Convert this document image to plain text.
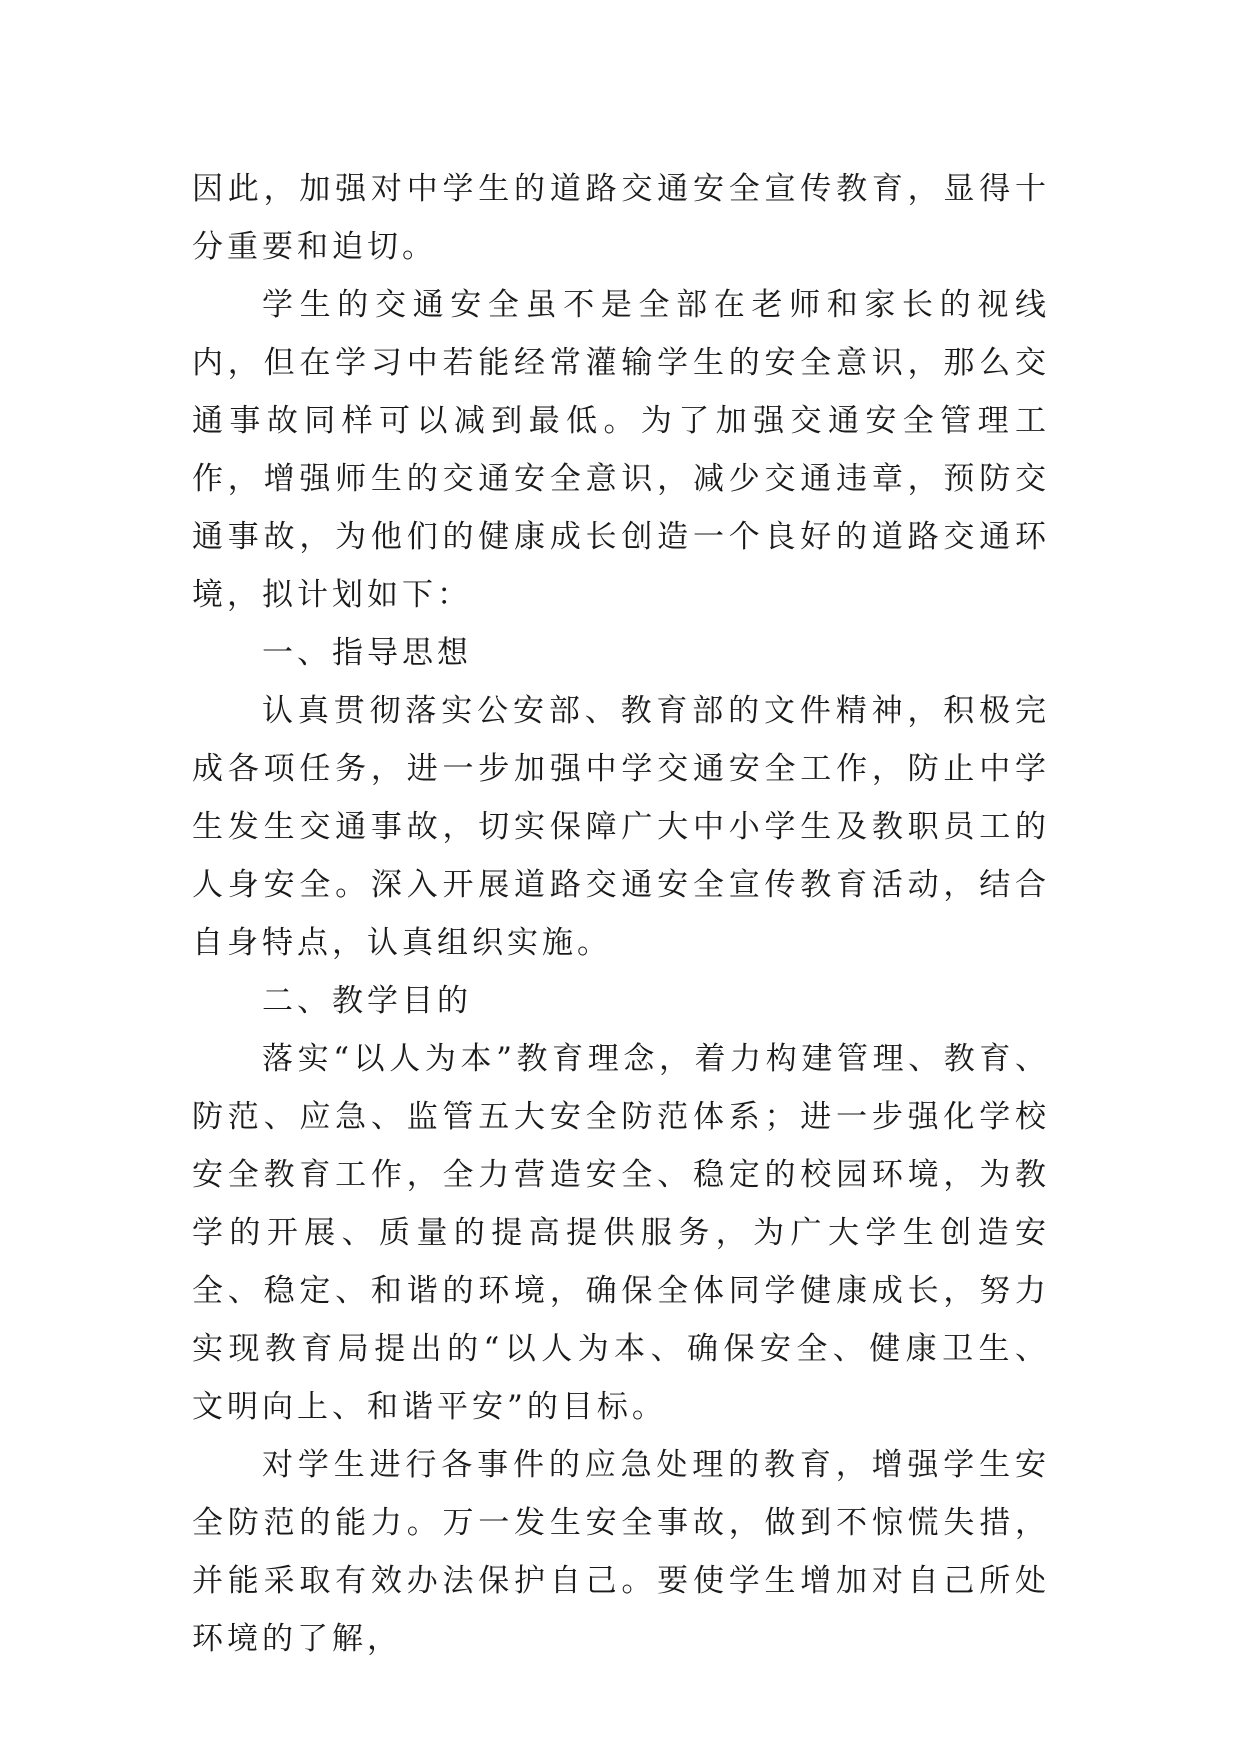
因此，加强对中学生的道路交通安全宣传教育，显得十分重要和迫切。

学生的交通安全虽不是全部在老师和家长的视线内，但在学习中若能经常灌输学生的安全意识，那么交通事故同样可以减到最低。为了加强交通安全管理工作，增强师生的交通安全意识，减少交通违章，预防交通事故，为他们的健康成长创造一个良好的道路交通环境，拟计划如下：

一、指导思想

认真贯彻落实公安部、教育部的文件精神，积极完成各项任务，进一步加强中学交通安全工作，防止中学生发生交通事故，切实保障广大中小学生及教职员工的人身安全。深入开展道路交通安全宣传教育活动，结合自身特点，认真组织实施。

二、教学目的

落实“以人为本”教育理念，着力构建管理、教育、防范、应急、监管五大安全防范体系；进一步强化学校安全教育工作，全力营造安全、稳定的校园环境，为教学的开展、质量的提高提供服务，为广大学生创造安全、稳定、和谐的环境，确保全体同学健康成长，努力实现教育局提出的“以人为本、确保安全、健康卫生、文明向上、和谐平安”的目标。

对学生进行各事件的应急处理的教育，增强学生安全防范的能力。万一发生安全事故，做到不惊慌失措，并能采取有效办法保护自己。要使学生增加对自己所处环境的了解，
